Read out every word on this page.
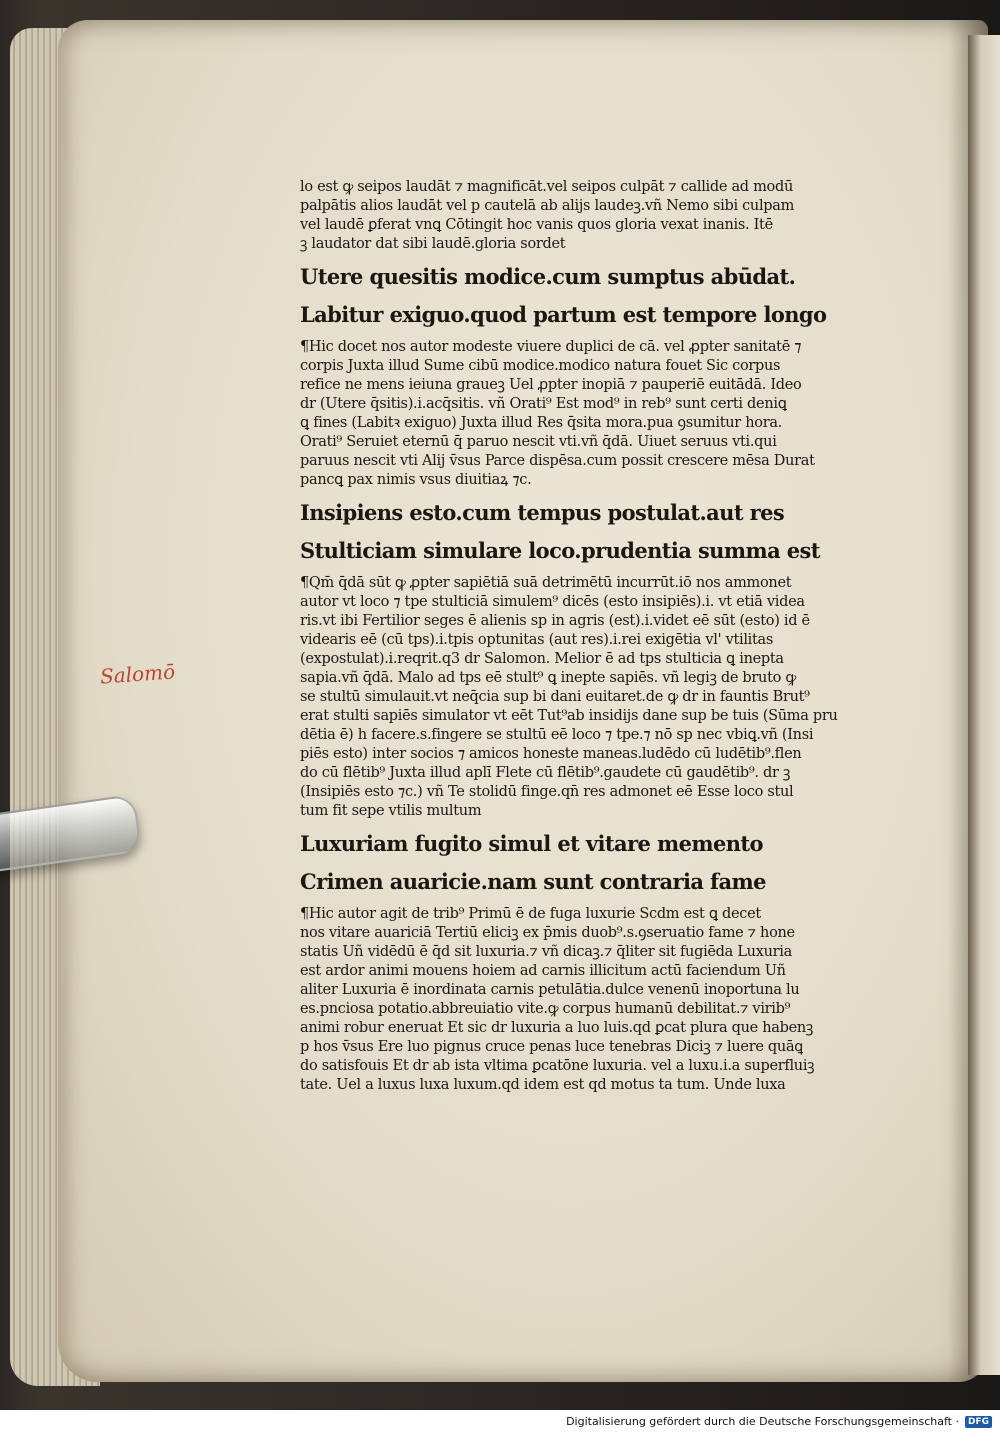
Salomō
lo est ꝙ seipos laudāt ⁊ magnificāt.vel seipos culpāt ⁊ callide ad modū
palpātis alios laudāt vel p cautelā ab alijs laudeꝫ.vñ Nemo sibi culpam
vel laudē ꝑferat vnꝗ Cōtingit hoc vanis quos gloria vexat inanis. Itē
ꝫ laudator dat sibi laudē.gloria sordet
Utere quesitis modice.cum sumptus abūdat.
Labitur exiguo.quod partum est tempore longo
¶Hic docet nos autor modeste viuere duplici de cā. vel ꝓpter sanitatē ⁊
corpis Juxta illud Sume cibū modice.modico natura fouet Sic corpus
refice ne mens ieiuna graueꝫ Uel ꝓpter inopiā ⁊ pauperiē euitādā. Ideo
dr (Utere q̄sitis).i.acq̄sitis. vñ Orati⁹ Est mod⁹ in reb⁹ sunt certi deniꝗ
ꝗ fines (Labitꝛ exiguo) Juxta illud Res q̄sita mora.pua ꝯsumitur hora.
Orati⁹ Seruiet eternū q̄ paruo nescit vti.vñ q̄dā. Uiuet seruus vti.qui
paruus nescit vti Alij v̄sus Parce dispēsa.cum possit crescere mēsa Durat
pancꝗ pax nimis vsus diuitiaꝝ ⁊c.
Insipiens esto.cum tempus postulat.aut res
Stulticiam simulare loco.prudentia summa est
¶Qm̄ q̄dā sūt ꝙ ꝓpter sapiētiā suā detrimētū incurrūt.iō nos ammonet
autor vt loco ⁊ tpe stulticiā simulem⁹ dicēs (esto insipiēs).i. vt etiā videa
ris.vt ibi Fertilior seges ē alienis sp in agris (est).i.videt eē sūt (esto) id ē
videaris eē (cū tps).i.tpis optunitas (aut res).i.rei exigētia vl' vtilitas
(expostulat).i.reqrit.q3 dr Salomon. Melior ē ad tps stulticia ꝗ inepta
sapia.vñ q̄dā. Malo ad tps eē stult⁹ ꝗ inepte sapiēs. vñ legiꝫ de bruto ꝙ
se stultū simulauit.vt neq̄cia sup bi dani euitaret.de ꝙ dr in fauntis Brut⁹
erat stulti sapiēs simulator vt eēt Tut⁹ab insidijs dane sup be tuis (Sūma pru
dētia ē) h facere.s.fingere se stultū eē loco ⁊ tpe.⁊ nō sp nec vbiꝗ.vñ (Insi
piēs esto) inter socios ⁊ amicos honeste maneas.ludēdo cū ludētib⁹.flen
do cū flētib⁹ Juxta illud aplī Flete cū flētib⁹.gaudete cū gaudētib⁹. dr ꝫ
(Insipiēs esto ⁊c.) vñ Te stolidū finge.qn̄ res admonet eē Esse loco stul
tum fit sepe vtilis multum
Luxuriam fugito simul et vitare memento
Crimen auaricie.nam sunt contraria fame
¶Hic autor agit de trib⁹ Primū ē de fuga luxurie Scdm est ꝗ decet
nos vitare auariciā Tertiū eliciꝫ ex p̄mis duob⁹.s.ꝯseruatio fame ⁊ hone
statis Uñ vidēdū ē q̄d sit luxuria.⁊ vñ dicaꝫ.⁊ q̄liter sit fugiēda Luxuria
est ardor animi mouens hoiem ad carnis illicitum actū faciendum Uñ
aliter Luxuria ē inordinata carnis petulātia.dulce venenū inoportuna lu
es.pnciosa potatio.abbreuiatio vite.ꝙ corpus humanū debilitat.⁊ virib⁹
animi robur eneruat Et sic dr luxuria a luo luis.qd ꝑcat plura que habenꝫ
p hos v̄sus Ere luo pignus cruce penas luce tenebras Diciꝫ ⁊ luere quāꝗ
do satisfouis Et dr ab ista vltima ꝑcatōne luxuria. vel a luxu.i.a superfluiꝫ
tate. Uel a luxus luxa luxum.qd idem est qd motus ta tum. Unde luxa
Digitalisierung gefördert durch die Deutsche Forschungsgemeinschaft ·	DFG
